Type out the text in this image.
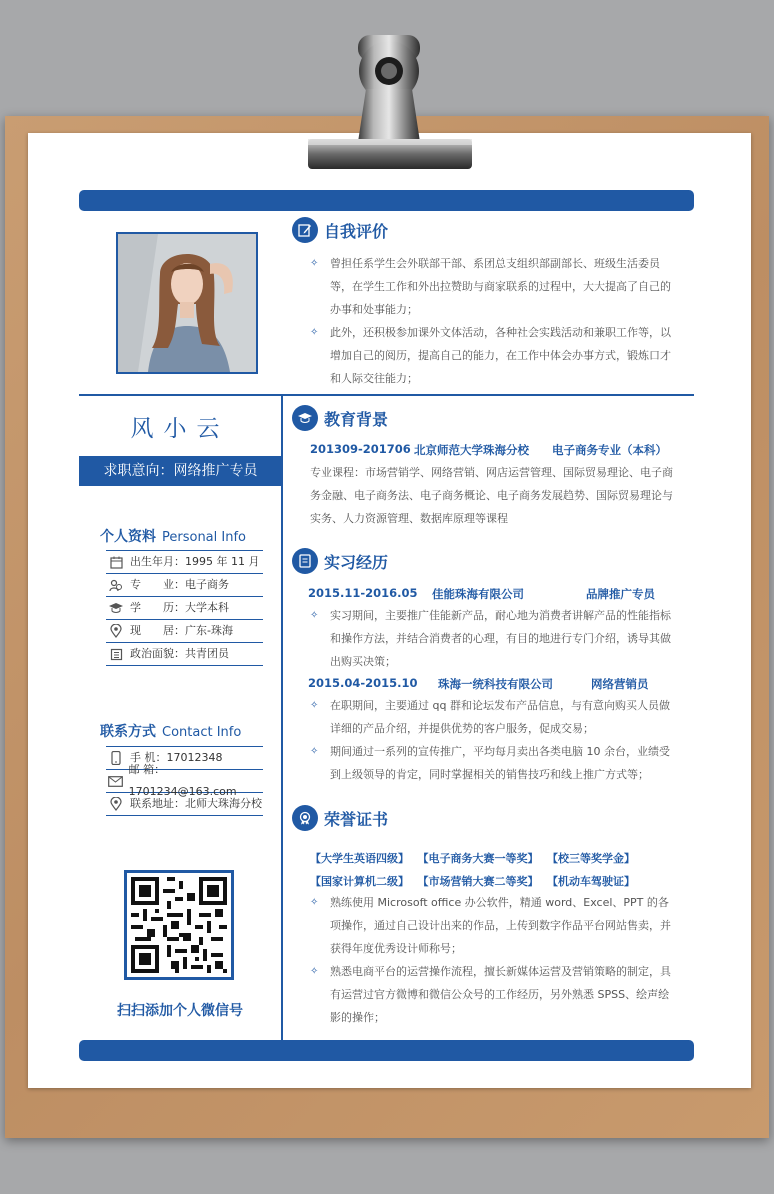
风小云
求职意向：网络推广专员
个人资料 Personal Info
出生年月：1995 年 11 月
专　　业：电子商务
学　　历：大学本科
现　　居：广东-珠海
政治面貌：共青团员
联系方式 Contact Info
手 机：17012348
邮 箱：1701234@163.com
联系地址：北师大珠海分校
扫扫添加个人微信号
自我评价
✧ 曾担任系学生会外联部干部、系团总支组织部副部长、班级生活委员等，在学生工作和外出拉赞助与商家联系的过程中，大大提高了自己的办事和处事能力；
✧ 此外，还积极参加课外文体活动，各种社会实践活动和兼职工作等，以增加自己的阅历，提高自己的能力，在工作中体会办事方式，锻炼口才和人际交往能力；
教育背景
201309-201706 北京师范大学珠海分校 电子商务专业（本科）
专业课程：市场营销学、网络营销、网店运营管理、国际贸易理论、电子商务金融、电子商务法、电子商务概论、电子商务发展趋势、国际贸易理论与实务、人力资源管理、数据库原理等课程
实习经历
2015.11-2016.05 佳能珠海有限公司	品牌推广专员
✧ 实习期间，主要推广佳能新产品，耐心地为消费者讲解产品的性能指标和操作方法，并结合消费者的心理，有目的地进行专门介绍，诱导其做出购买决策；
2015.04-2015.10 珠海一统科技有限公司	网络营销员
✧ 在职期间，主要通过 qq 群和论坛发布产品信息，与有意向购买人员做详细的产品介绍，并提供优势的客户服务，促成交易；
✧ 期间通过一系列的宣传推广，平均每月卖出各类电脑 10 余台，业绩受到上级领导的肯定，同时掌握相关的销售技巧和线上推广方式等；
荣誉证书
【大学生英语四级】 【电子商务大赛一等奖】 【校三等奖学金】
【国家计算机二级】 【市场营销大赛二等奖】 【机动车驾驶证】
✧ 熟练使用 Microsoft office 办公软件，精通 word、Excel、PPT 的各项操作，通过自己设计出来的作品，上传到数字作品平台网站售卖，并获得年度优秀设计师称号；
✧ 熟悉电商平台的运营操作流程，擅长新媒体运营及营销策略的制定，具有运营过官方微博和微信公众号的工作经历，另外熟悉 SPSS、绘声绘影的操作；
